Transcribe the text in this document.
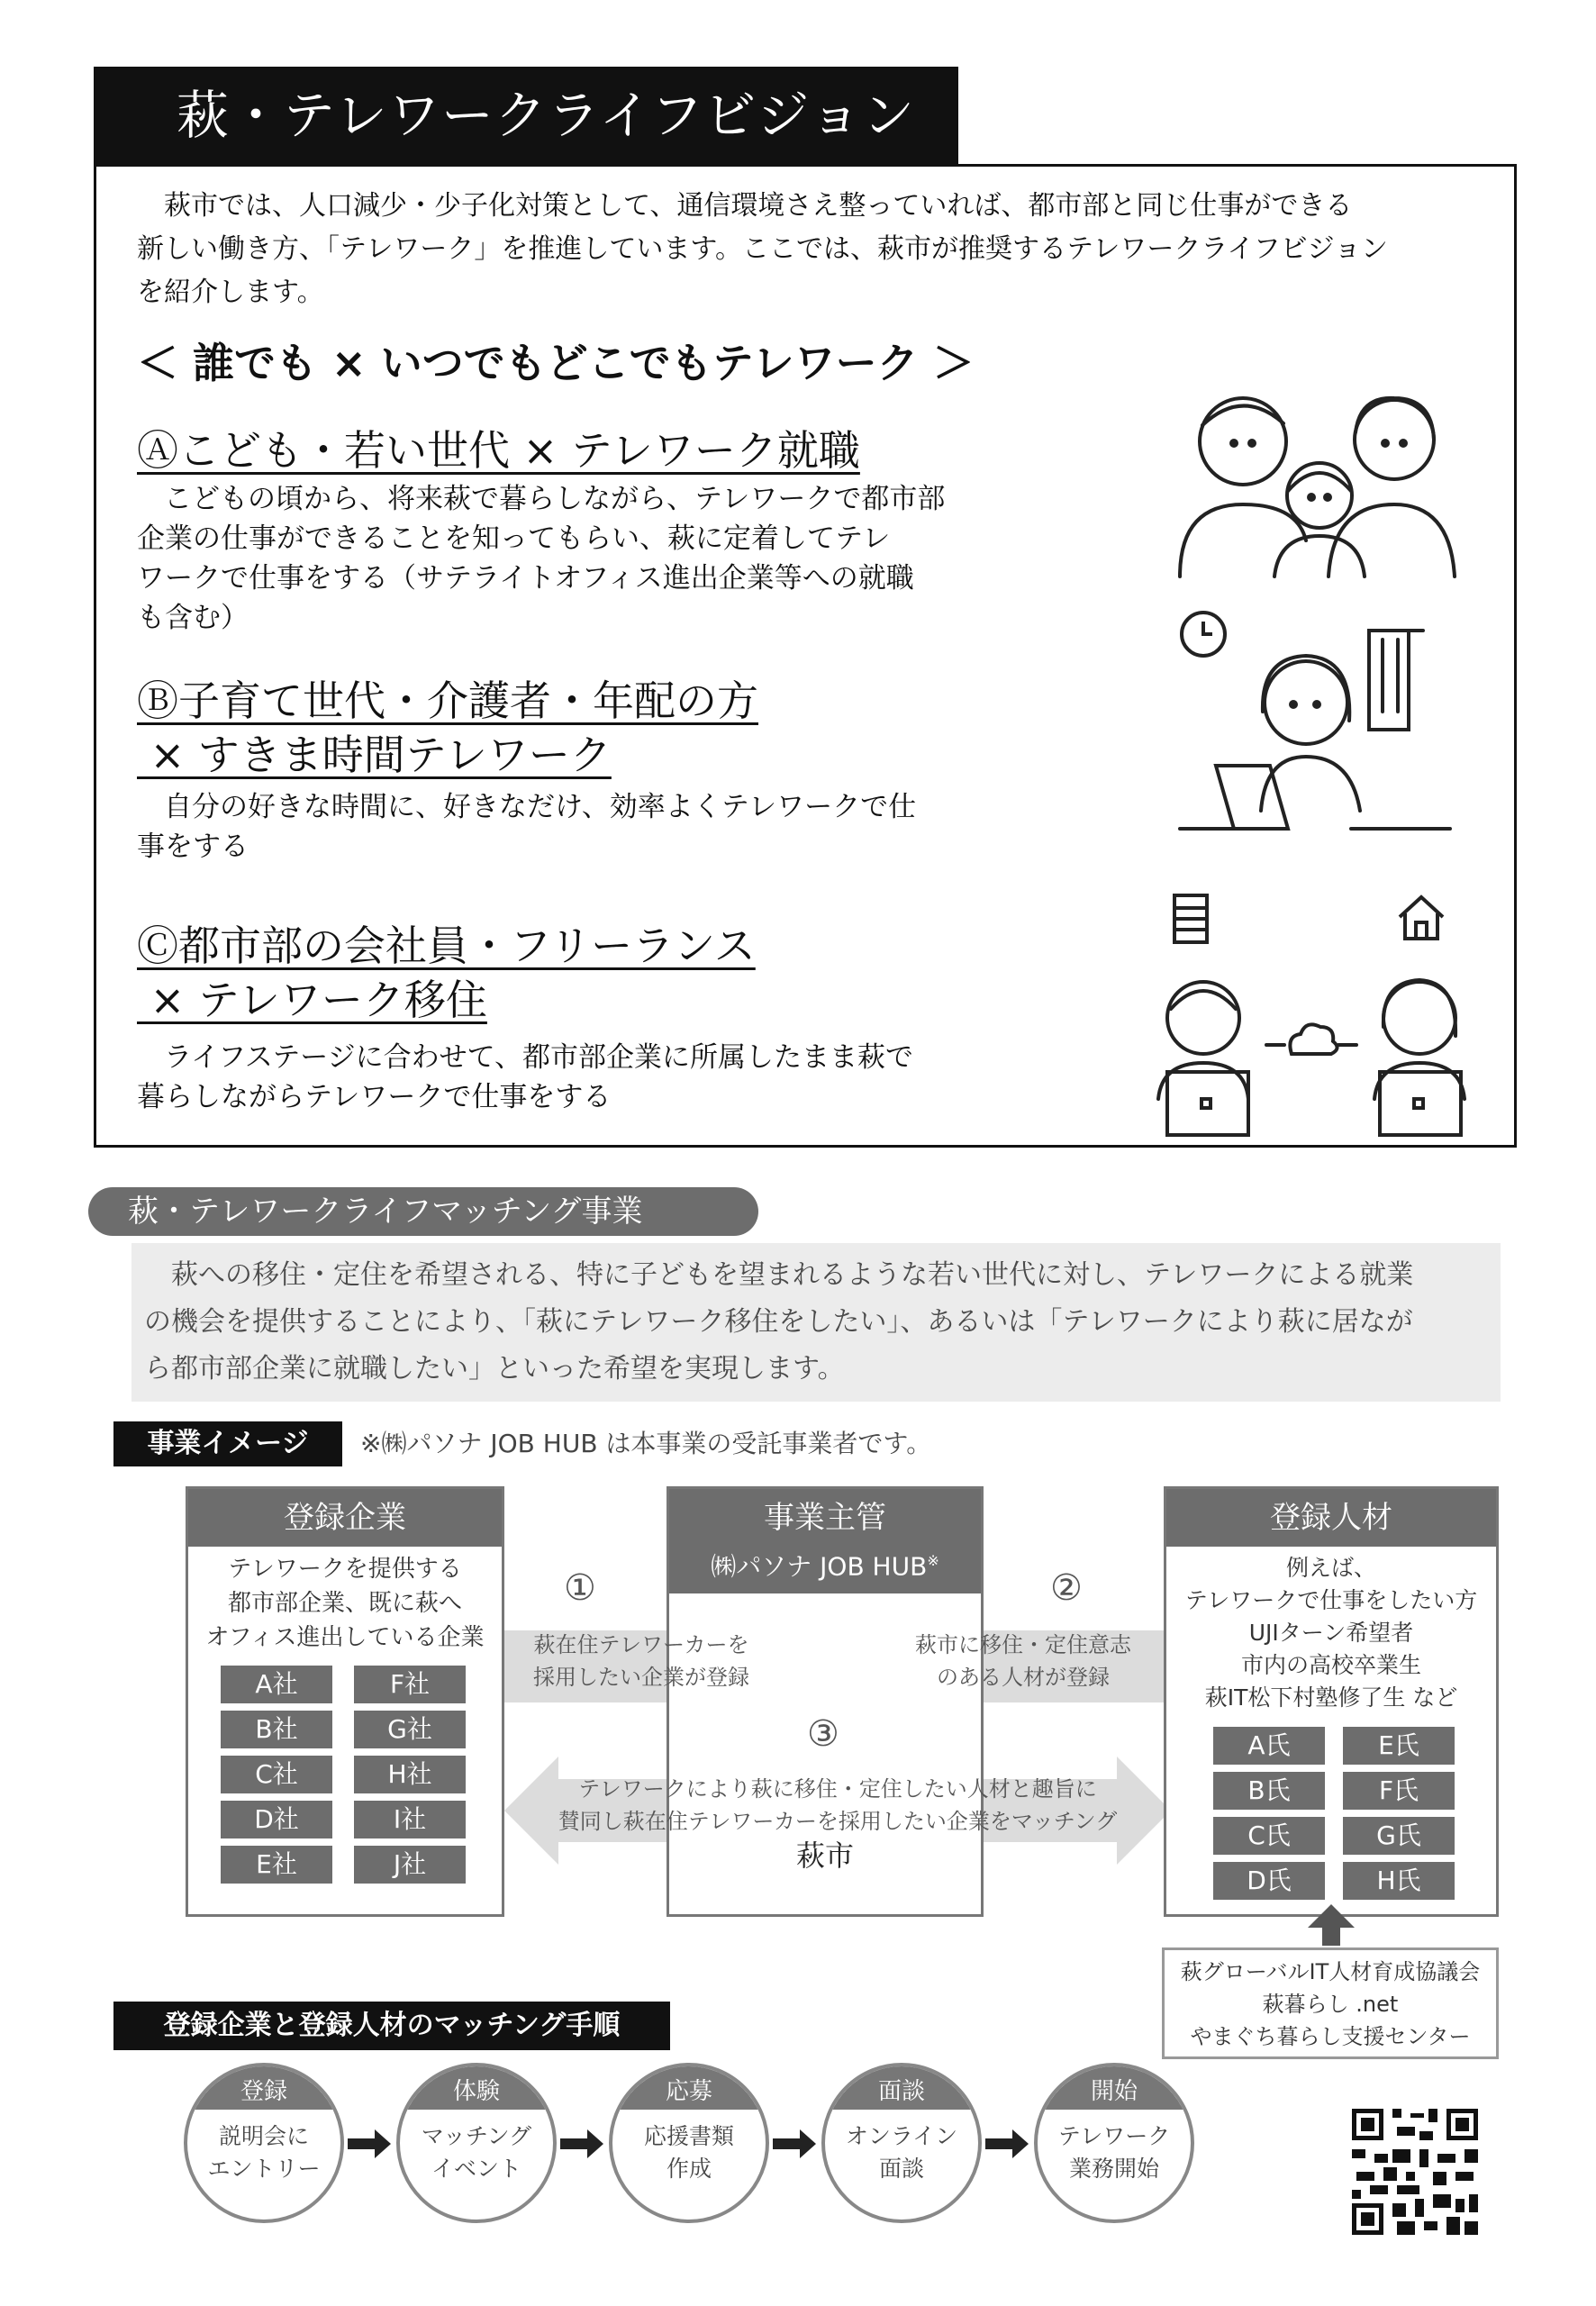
萩・テレワークライフビジョン
萩市では、人口減少・少子化対策として、通信環境さえ整っていれば、都市部と同じ仕事ができる
新しい働き方、「テレワーク」を推進しています。ここでは、萩市が推奨するテレワークライフビジョン
を紹介します。
＜ 誰でも × いつでもどこでもテレワーク ＞
Ⓐこども・若い世代 × テレワーク就職
こどもの頃から、将来萩で暮らしながら、テレワークで都市部
企業の仕事ができることを知ってもらい、萩に定着してテレ
ワークで仕事をする（サテライトオフィス進出企業等への就職
も含む）
Ⓑ子育て世代・介護者・年配の方
× すきま時間テレワーク
自分の好きな時間に、好きなだけ、効率よくテレワークで仕
事をする
Ⓒ都市部の会社員・フリーランス
× テレワーク移住
ライフステージに合わせて、都市部企業に所属したまま萩で
暮らしながらテレワークで仕事をする
萩・テレワークライフマッチング事業
萩への移住・定住を希望される、特に子どもを望まれるような若い世代に対し、テレワークによる就業
の機会を提供することにより、「萩にテレワーク移住をしたい」、あるいは「テレワークにより萩に居なが
ら都市部企業に就職したい」といった希望を実現します。
事業イメージ	※㈱パソナ JOB HUB は本事業の受託事業者です。
登録企業
テレワークを提供する
都市部企業、既に萩へ
オフィス進出している企業
A社	F社
B社	G社
C社	H社
D社	I社
E社	J社
事業主管
㈱パソナ JOB HUB※
萩市
登録人材
例えば、
テレワークで仕事をしたい方
UJIターン希望者
市内の高校卒業生
萩IT松下村塾修了生 など
A氏	E氏
B氏	F氏
C氏	G氏
D氏	H氏
①
萩在住テレワーカーを
採用したい企業が登録
②
萩市に移住・定住意志
のある人材が登録
③
テレワークにより萩に移住・定住したい人材と趣旨に
賛同し萩在住テレワーカーを採用したい企業をマッチング
萩グローバルIT人材育成協議会
萩暮らし .net
やまぐち暮らし支援センター
登録企業と登録人材のマッチング手順
登録
説明会に
エントリー
体験
マッチング
イベント
応募
応援書類
作成
面談
オンライン
面談
開始
テレワーク
業務開始
